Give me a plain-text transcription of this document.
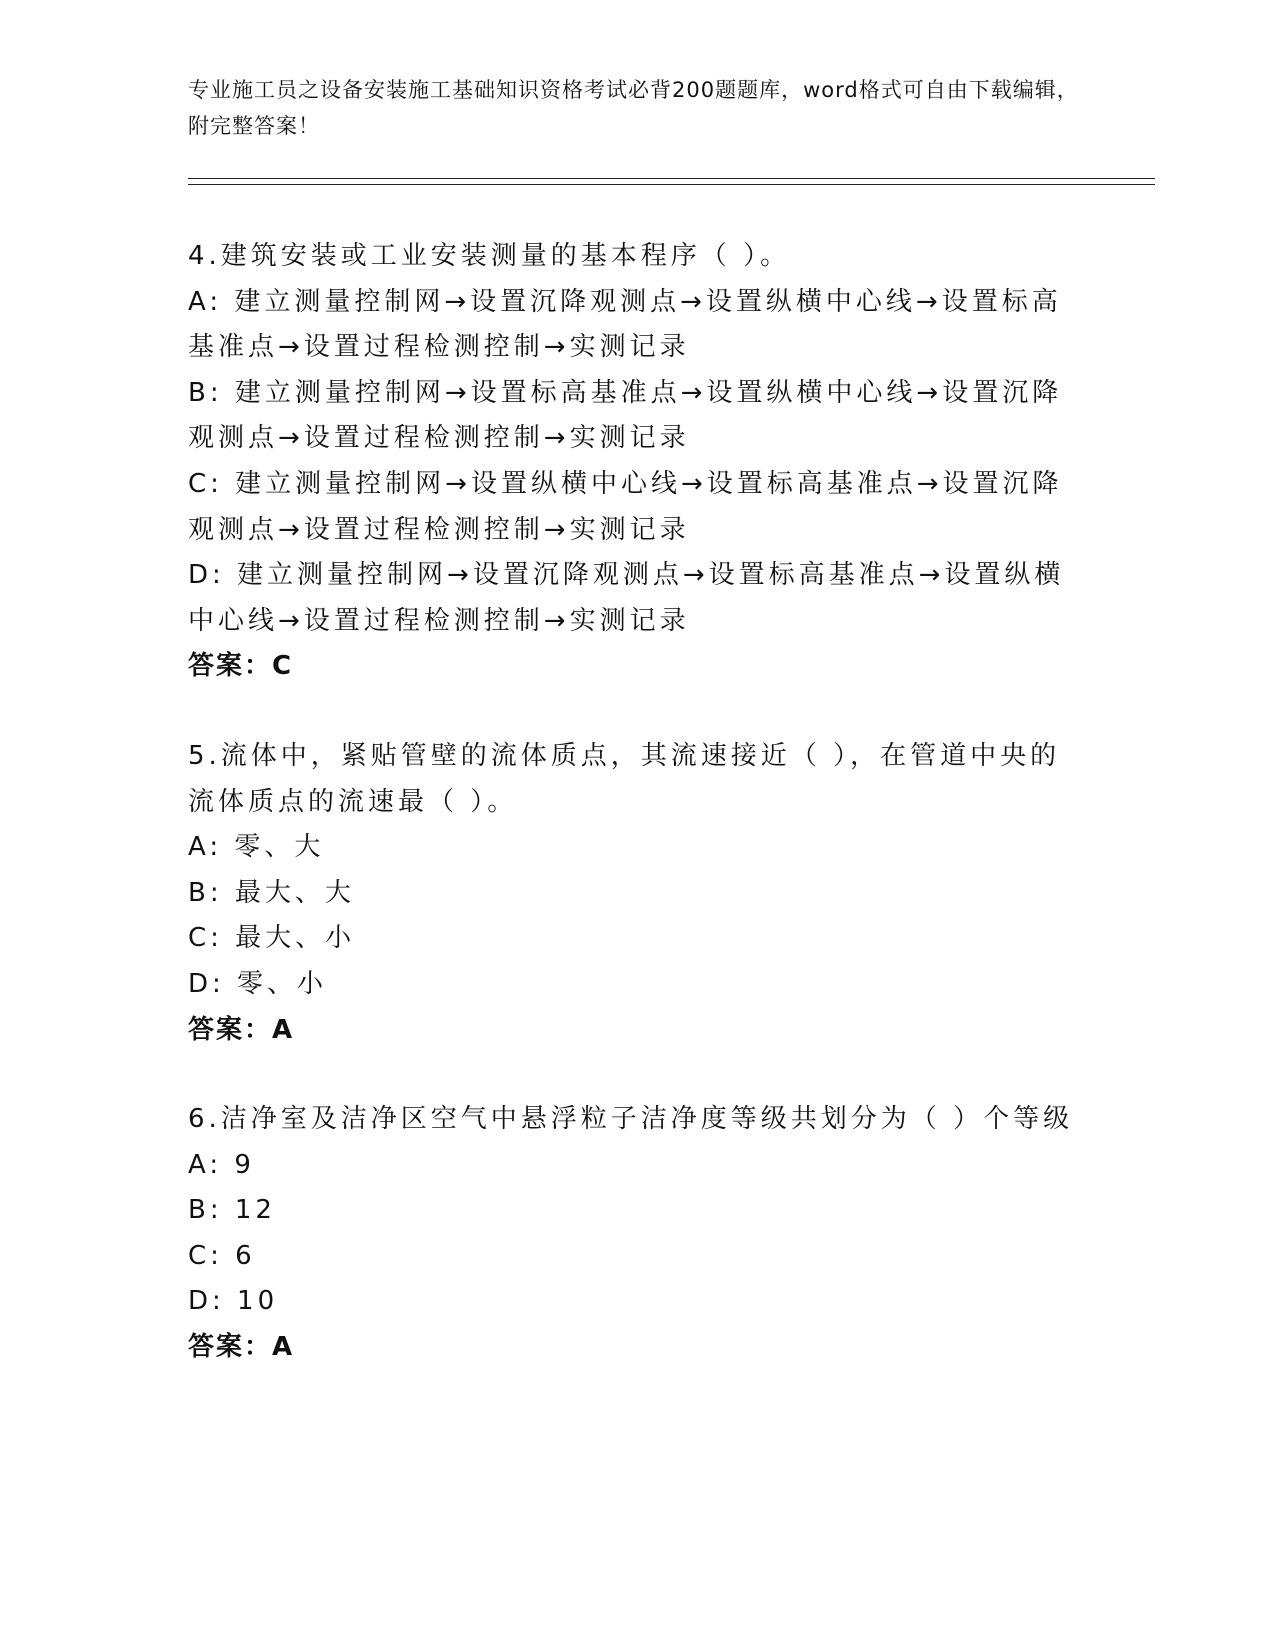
专业施工员之设备安装施工基础知识资格考试必背200题题库，word格式可自由下载编辑，附完整答案！

4.建筑安装或工业安装测量的基本程序（ ）。

A: 建立测量控制网→设置沉降观测点→设置纵横中心线→设置标高基准点→设置过程检测控制→实测记录

B: 建立测量控制网→设置标高基准点→设置纵横中心线→设置沉降观测点→设置过程检测控制→实测记录

C: 建立测量控制网→设置纵横中心线→设置标高基准点→设置沉降观测点→设置过程检测控制→实测记录

D: 建立测量控制网→设置沉降观测点→设置标高基准点→设置纵横中心线→设置过程检测控制→实测记录

答案：C

5.流体中，紧贴管壁的流体质点，其流速接近（ ），在管道中央的流体质点的流速最（ ）。

A: 零、大

B: 最大、大

C: 最大、小

D: 零、小

答案：A

6.洁净室及洁净区空气中悬浮粒子洁净度等级共划分为（ ）个等级

A: 9

B: 12

C: 6

D: 10

答案：A
